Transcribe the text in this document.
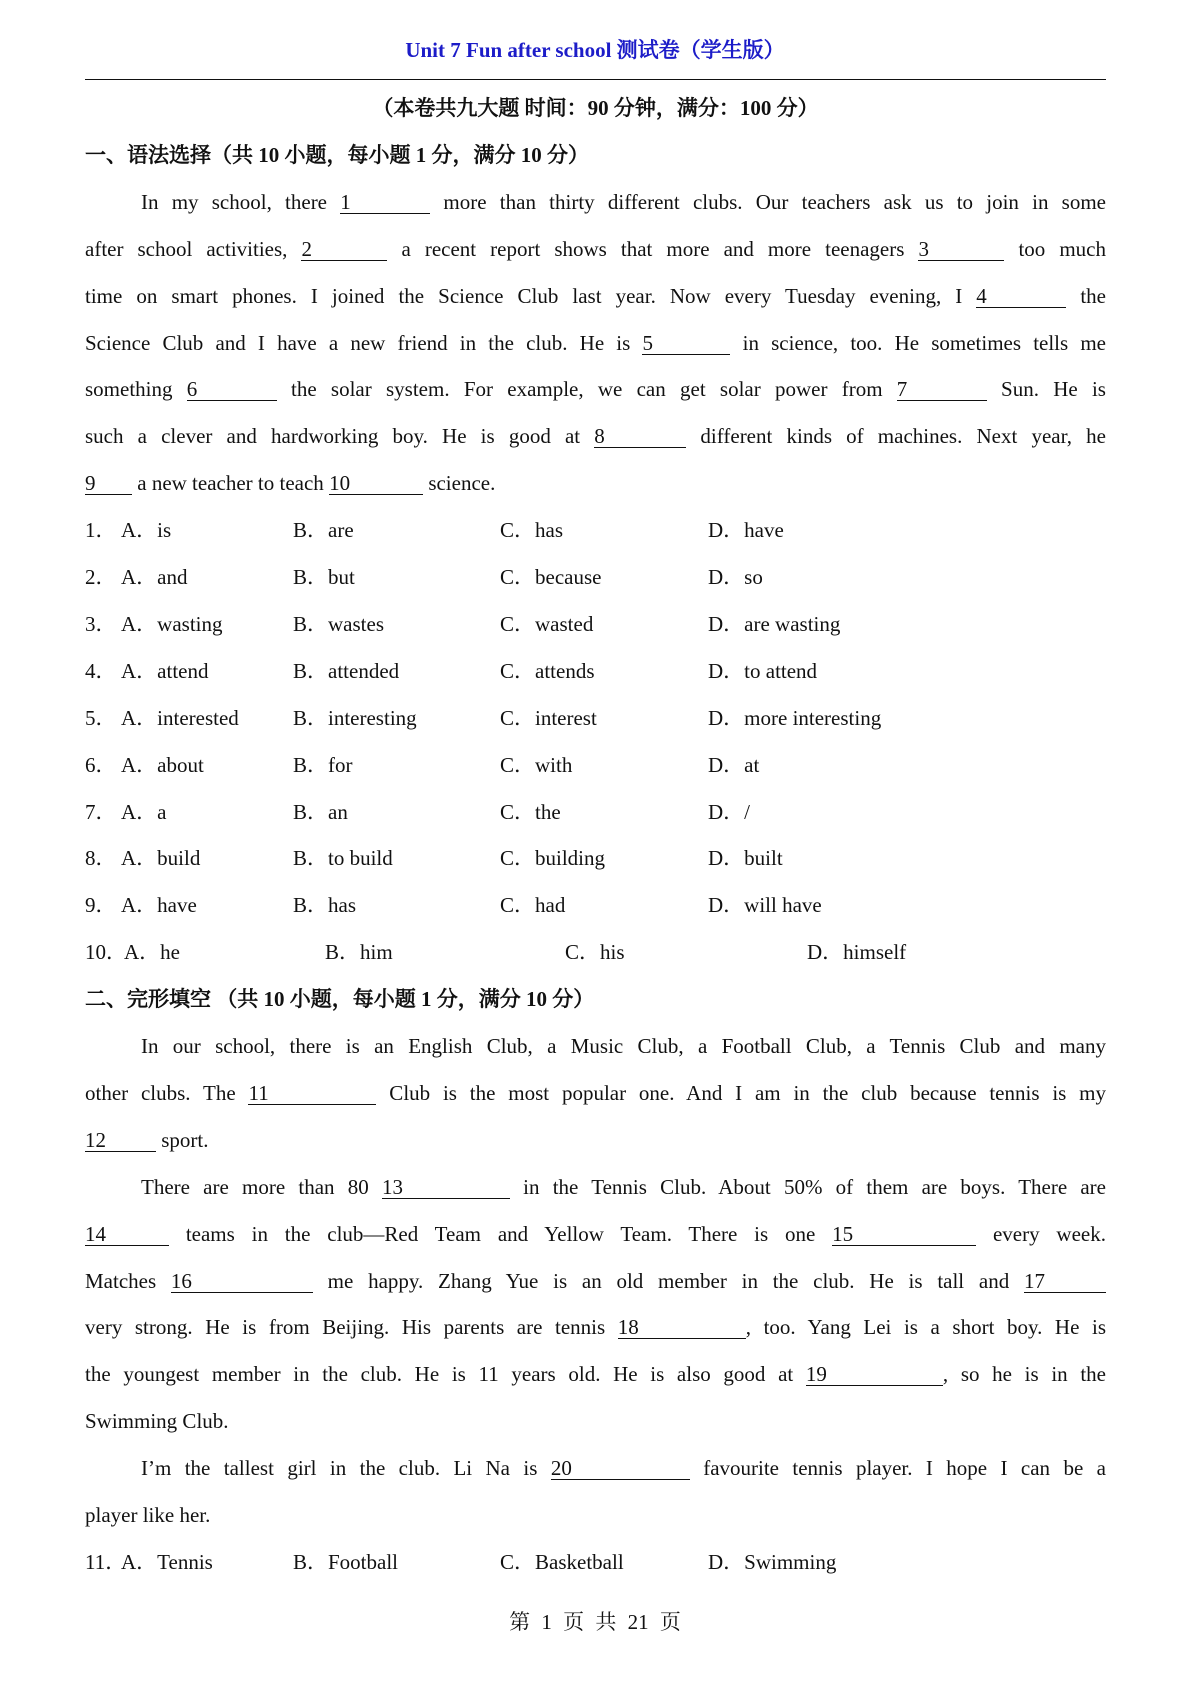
Unit 7 Fun after school 测试卷（学生版）
（本卷共九大题 时间：90 分钟，满分：100 分）
一、语法选择（共 10 小题，每小题 1 分，满分 10 分）
In my school, there 1	more than thirty different clubs. Our teachers ask us to join in some
after school activities, 2	a recent report shows that more and more teenagers 3	too much
time on smart phones. I joined the Science Club last year. Now every Tuesday evening, I 4	the
Science Club and I have a new friend in the club. He is 5	in science, too. He sometimes tells me
something 6	the solar system. For example, we can get solar power from 7	Sun. He is
such a clever and hardworking boy. He is good at 8	different kinds of machines. Next year, he
9 a new teacher to teach 10	science.
1． A．is	B．are	C．has	D．have
2． A．and	B．but	C．because	D．so
3． A．wasting	B．wastes	C．wasted	D．are wasting
4． A．attend	B．attended	C．attends	D．to attend
5． A．interested	B．interesting	C．interest	D．more interesting
6． A．about	B．for	C．with	D．at
7． A．a	B．an	C．the	D．/
8． A．build	B．to build	C．building	D．built
9． A．have	B．has	C．had	D．will have
10．
A．he	B．him	C．his	D．himself
二、完形填空 （共 10 小题，每小题 1 分，满分 10 分）
In our school, there is an English Club, a Music Club, a Football Club, a Tennis Club and many
other clubs. The 11	Club is the most popular one. And I am in the club because tennis is my
12 sport.
There are more than 80 13	in the Tennis Club. About 50% of them are boys. There are
14	teams in the club—Red Team and Yellow Team. There is one 15	every week.
Matches 16	me happy. Zhang Yue is an old member in the club. He is tall and 17
very strong. He is from Beijing. His parents are tennis 18	, too. Yang Lei is a short boy. He is
the youngest member in the club. He is 11 years old. He is also good at 19	, so he is in the
Swimming Club.
I’m the tallest girl in the club. Li Na is 20	favourite tennis player. I hope I can be a
player like her.
11．
A．Tennis	B．Football	C．Basketball	D．Swimming
第 1 页 共 21 页
